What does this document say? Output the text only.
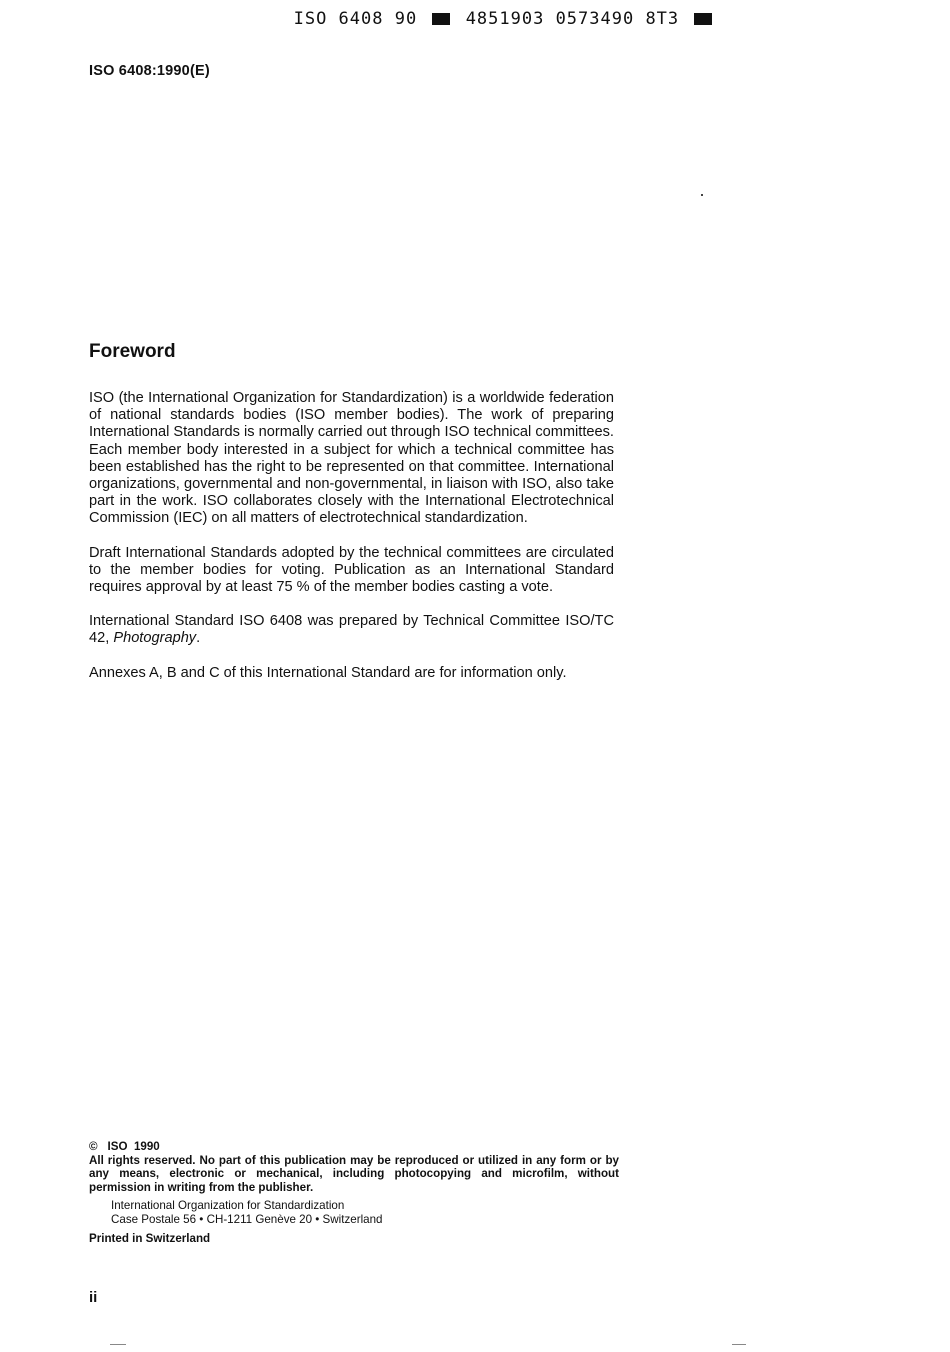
ISO 6408 90	4851903 0573490 8T3
ISO 6408:1990(E)
Foreword

ISO (the International Organization for Standardization) is a worldwide federation of national standards bodies (ISO member bodies). The work of preparing International Standards is normally carried out through ISO technical committees. Each member body interested in a subject for which a technical committee has been established has the right to be represented on that committee. International organizations, governmental and non-governmental, in liaison with ISO, also take part in the work. ISO collaborates closely with the International Electrotechnical Commission (IEC) on all matters of electrotechnical standardization.

Draft International Standards adopted by the technical committees are circulated to the member bodies for voting. Publication as an International Standard requires approval by at least 75 % of the member bodies casting a vote.

International Standard ISO 6408 was prepared by Technical Committee ISO/TC 42, Photography.

Annexes A, B and C of this International Standard are for information only.

© ISO  1990
All rights reserved. No part of this publication may be reproduced or utilized in any form or by any means, electronic or mechanical, including photocopying and microfilm, without permission in writing from the publisher.
International Organization for Standardization
Case Postale 56 • CH-1211 Genève 20 • Switzerland
Printed in Switzerland
ii
